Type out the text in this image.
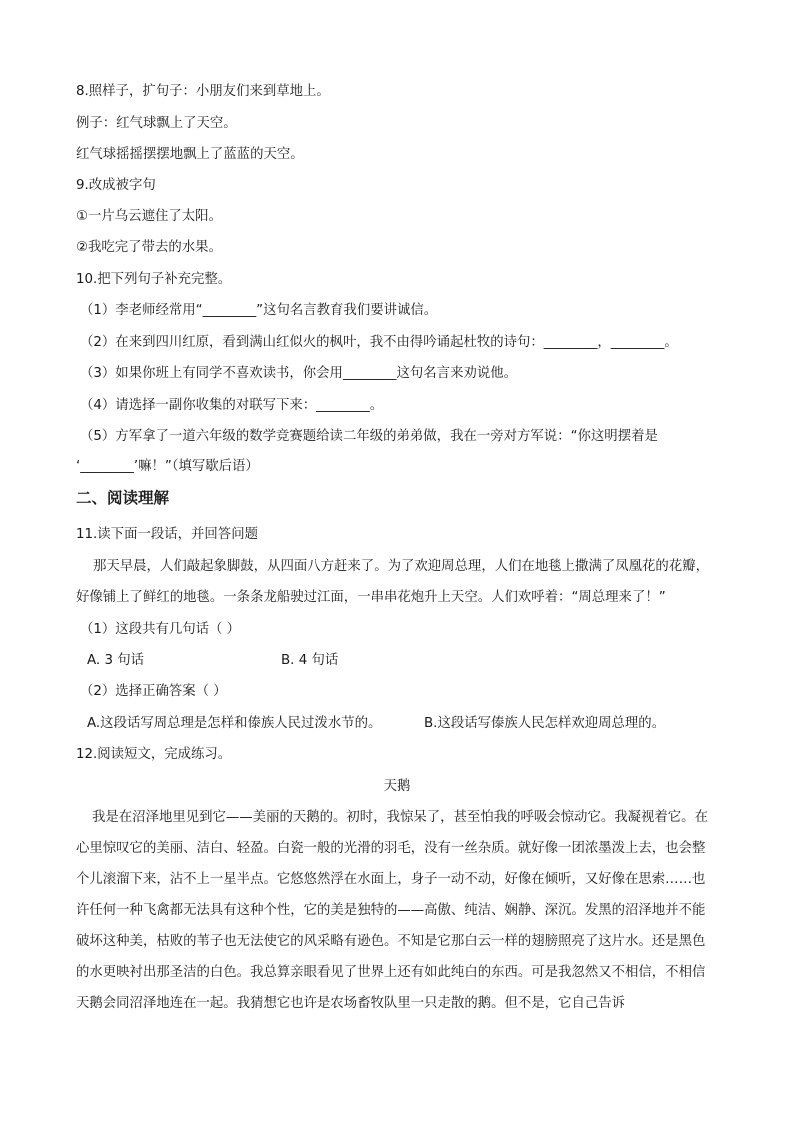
8.照样子，扩句子：小朋友们来到草地上。
例子：红气球飘上了天空。
红气球摇摇摆摆地飘上了蓝蓝的天空。
9.改成被字句
①一片乌云遮住了太阳。
②我吃完了带去的水果。
10.把下列句子补充完整。
（1）李老师经常用“________”这句名言教育我们要讲诚信。
（2）在来到四川红原，看到满山红似火的枫叶，我不由得吟诵起杜牧的诗句：________，________。
（3）如果你班上有同学不喜欢读书，你会用________这句名言来劝说他。
（4）请选择一副你收集的对联写下来：________。
（5）方军拿了一道六年级的数学竞赛题给读二年级的弟弟做，我在一旁对方军说：“你这明摆着是
‘________’嘛！”（填写歇后语）
二、阅读理解
11.读下面一段话，并回答问题
那天早晨，人们敲起象脚鼓，从四面八方赶来了。为了欢迎周总理，人们在地毯上撒满了凤凰花的花瓣，
好像铺上了鲜红的地毯。一条条龙船驶过江面，一串串花炮升上天空。人们欢呼着：“周总理来了！”
（1）这段共有几句话（ ）
A. 3 句话	B. 4 句话
（2）选择正确答案（ ）
A.这段话写周总理是怎样和傣族人民过泼水节的。	B.这段话写傣族人民怎样欢迎周总理的。
12.阅读短文，完成练习。
天鹅

我是在沼泽地里见到它——美丽的天鹅的。初时，我惊呆了，甚至怕我的呼吸会惊动它。我凝视着它。在心里惊叹它的美丽、洁白、轻盈。白瓷一般的光滑的羽毛，没有一丝杂质。就好像一团浓墨泼上去，也会整个儿滚溜下来，沾不上一星半点。它悠悠然浮在水面上，身子一动不动，好像在倾听，又好像在思索……也许任何一种飞禽都无法具有这种个性，它的美是独特的——高傲、纯洁、娴静、深沉。发黑的沼泽地并不能破坏这种美，枯败的苇子也无法使它的风采略有逊色。不知是它那白云一样的翅膀照亮了这片水。还是黑色的水更映衬出那圣洁的白色。我总算亲眼看见了世界上还有如此纯白的东西。可是我忽然又不相信，不相信天鹅会同沼泽地连在一起。我猜想它也许是农场畜牧队里一只走散的鹅。但不是，它自己告诉
